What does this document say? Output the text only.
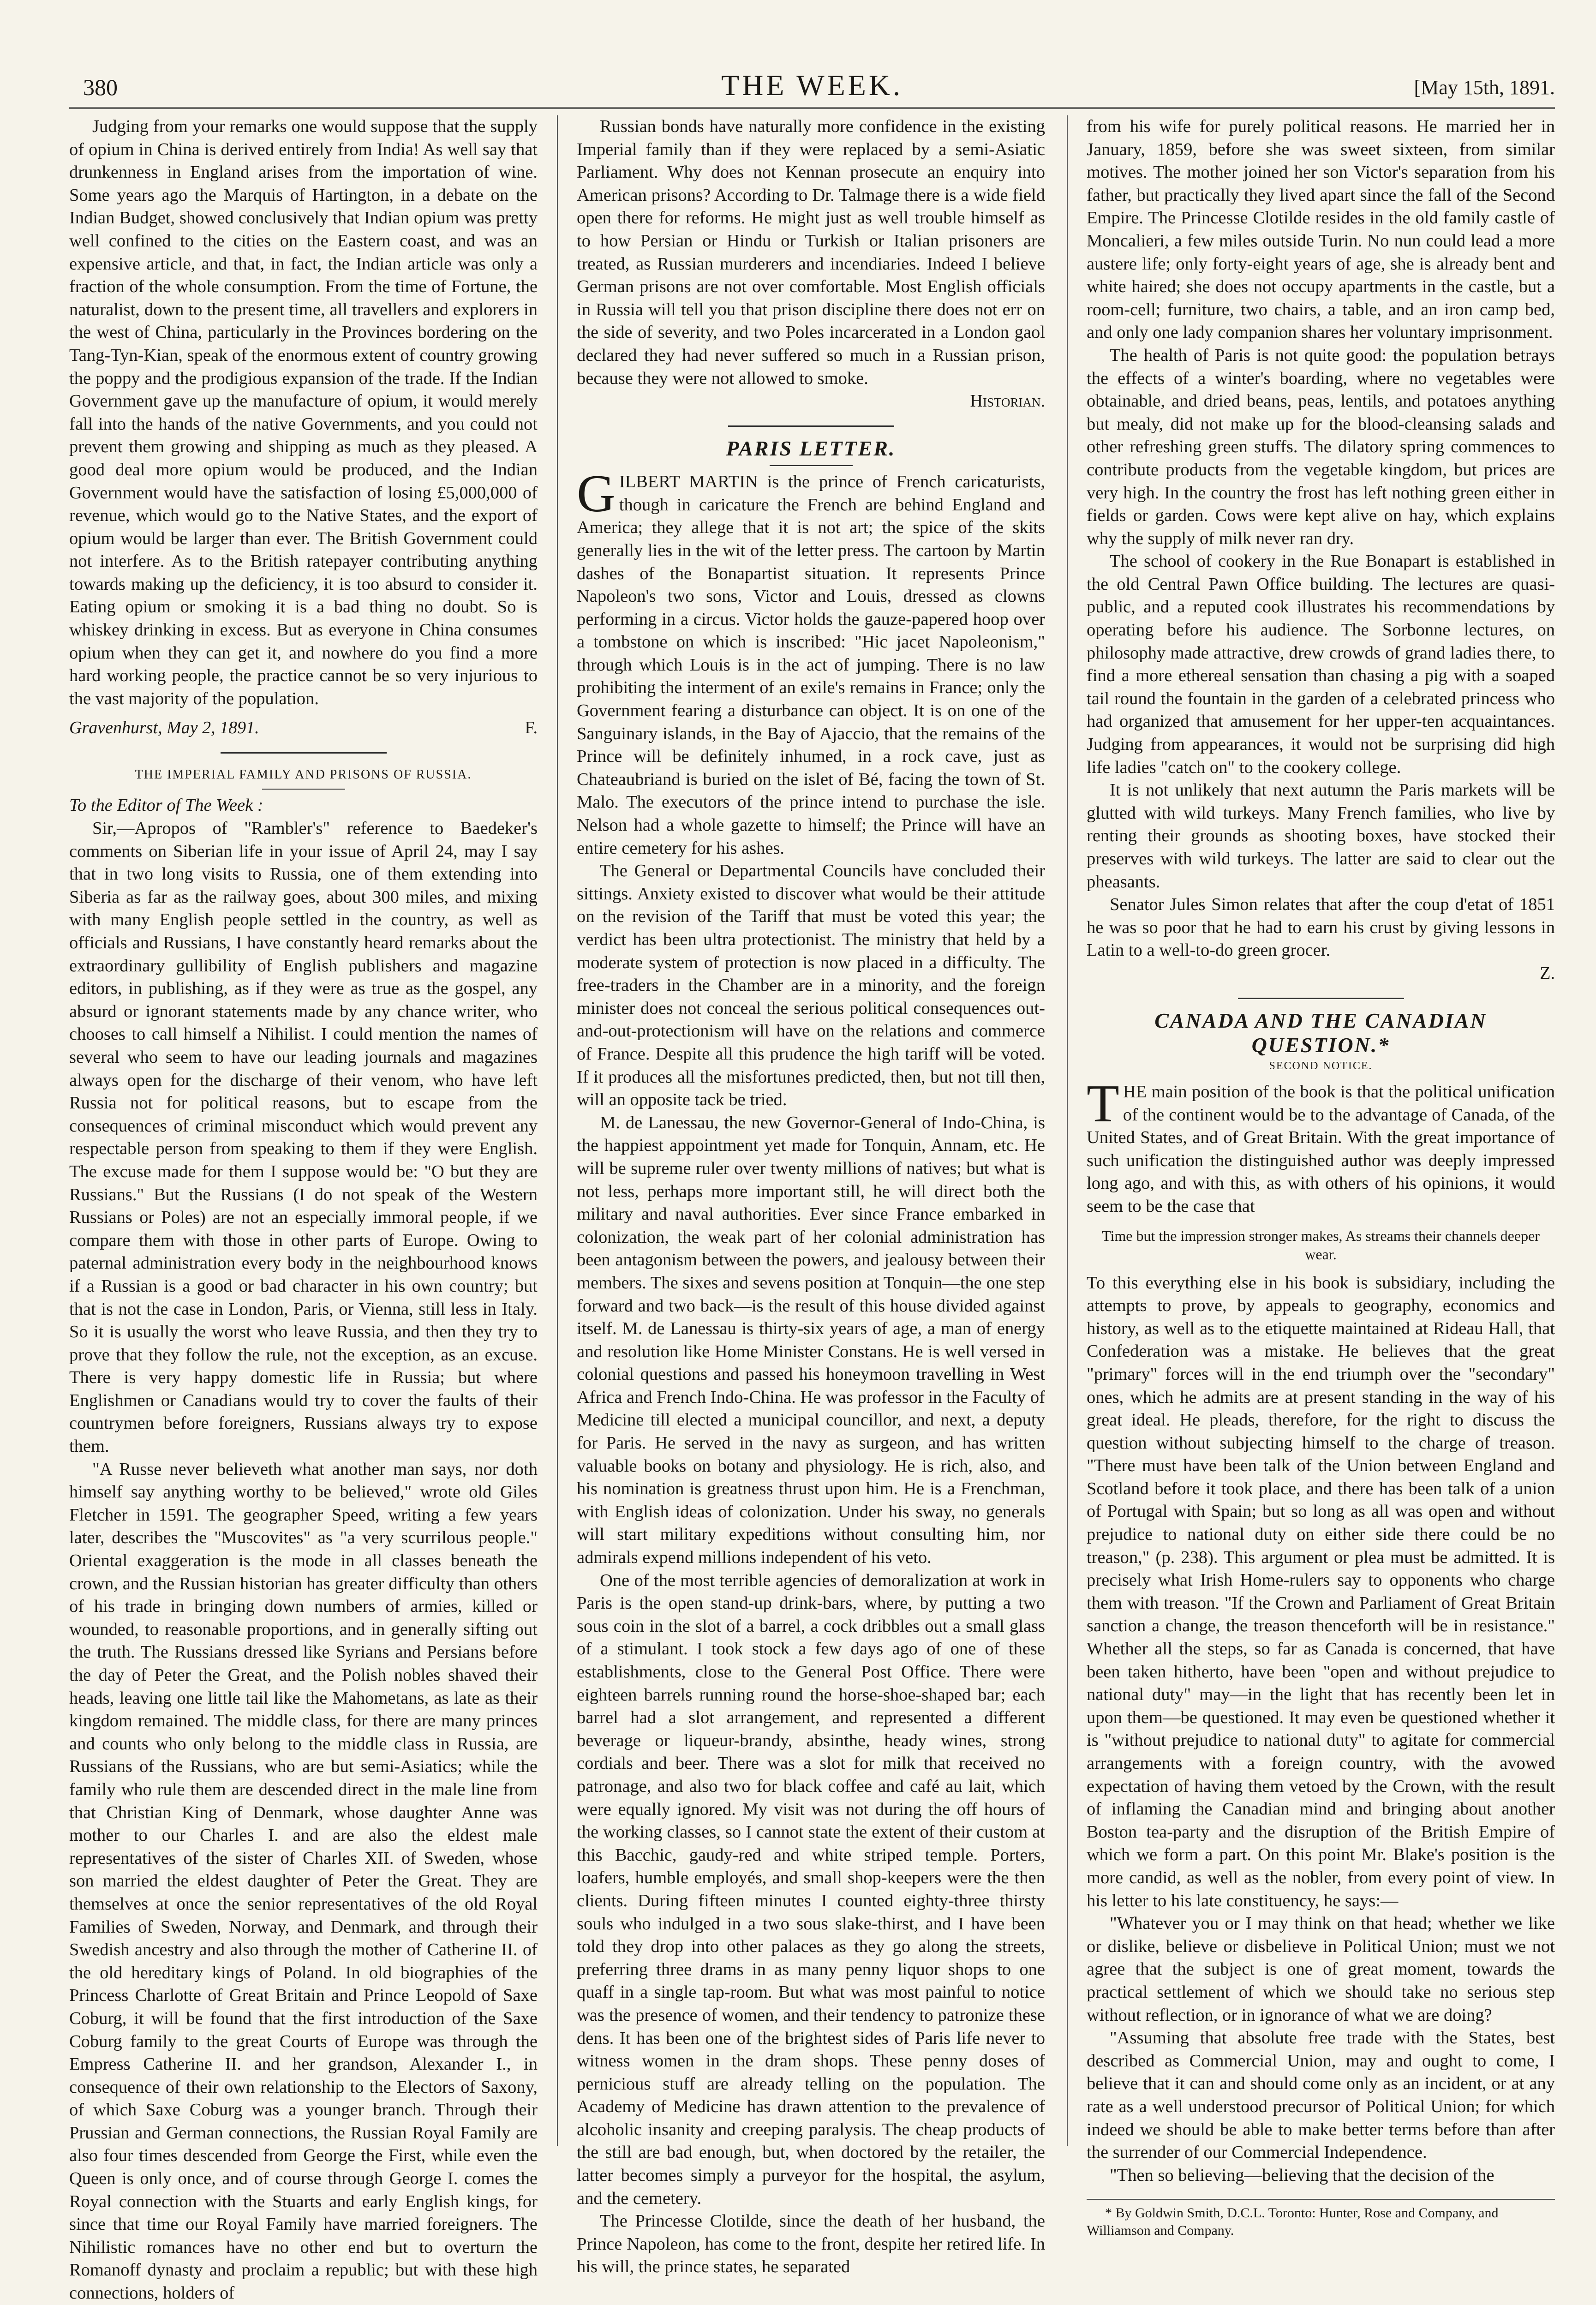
380	THE WEEK.	[May 15th, 1891.

Judging from your remarks one would suppose that the supply of opium in China is derived entirely from India! As well say that drunkenness in England arises from the importation of wine. Some years ago the Marquis of Hartington, in a debate on the Indian Budget, showed conclusively that Indian opium was pretty well confined to the cities on the Eastern coast, and was an expensive article, and that, in fact, the Indian article was only a fraction of the whole consumption. From the time of Fortune, the naturalist, down to the present time, all travellers and explorers in the west of China, particularly in the Provinces bordering on the Tang-Tyn-Kian, speak of the enormous extent of country growing the poppy and the prodigious expansion of the trade. If the Indian Government gave up the manufacture of opium, it would merely fall into the hands of the native Governments, and you could not prevent them growing and shipping as much as they pleased. A good deal more opium would be produced, and the Indian Government would have the satisfaction of losing £5,000,000 of revenue, which would go to the Native States, and the export of opium would be larger than ever. The British Government could not interfere. As to the British ratepayer contributing anything towards making up the deficiency, it is too absurd to consider it. Eating opium or smoking it is a bad thing no doubt. So is whiskey drinking in excess. But as everyone in China consumes opium when they can get it, and nowhere do you find a more hard working people, the practice cannot be so very injurious to the vast majority of the population.

Gravenhurst, May 2, 1891.	F.
THE IMPERIAL FAMILY AND PRISONS OF RUSSIA.

To the Editor of The Week :

Sir,—Apropos of "Rambler's" reference to Baedeker's comments on Siberian life in your issue of April 24, may I say that in two long visits to Russia, one of them extending into Siberia as far as the railway goes, about 300 miles, and mixing with many English people settled in the country, as well as officials and Russians, I have constantly heard remarks about the extraordinary gullibility of English publishers and magazine editors, in publishing, as if they were as true as the gospel, any absurd or ignorant statements made by any chance writer, who chooses to call himself a Nihilist. I could mention the names of several who seem to have our leading journals and magazines always open for the discharge of their venom, who have left Russia not for political reasons, but to escape from the consequences of criminal misconduct which would prevent any respectable person from speaking to them if they were English. The excuse made for them I suppose would be: "O but they are Russians." But the Russians (I do not speak of the Western Russians or Poles) are not an especially immoral people, if we compare them with those in other parts of Europe. Owing to paternal administration every body in the neighbourhood knows if a Russian is a good or bad character in his own country; but that is not the case in London, Paris, or Vienna, still less in Italy. So it is usually the worst who leave Russia, and then they try to prove that they follow the rule, not the exception, as an excuse. There is very happy domestic life in Russia; but where Englishmen or Canadians would try to cover the faults of their countrymen before foreigners, Russians always try to expose them.

"A Russe never believeth what another man says, nor doth himself say anything worthy to be believed," wrote old Giles Fletcher in 1591. The geographer Speed, writing a few years later, describes the "Muscovites" as "a very scurrilous people." Oriental exaggeration is the mode in all classes beneath the crown, and the Russian historian has greater difficulty than others of his trade in bringing down numbers of armies, killed or wounded, to reasonable proportions, and in generally sifting out the truth. The Russians dressed like Syrians and Persians before the day of Peter the Great, and the Polish nobles shaved their heads, leaving one little tail like the Mahometans, as late as their kingdom remained. The middle class, for there are many princes and counts who only belong to the middle class in Russia, are Russians of the Russians, who are but semi-Asiatics; while the family who rule them are descended direct in the male line from that Christian King of Denmark, whose daughter Anne was mother to our Charles I. and are also the eldest male representatives of the sister of Charles XII. of Sweden, whose son married the eldest daughter of Peter the Great. They are themselves at once the senior representatives of the old Royal Families of Sweden, Norway, and Denmark, and through their Swedish ancestry and also through the mother of Catherine II. of the old hereditary kings of Poland. In old biographies of the Princess Charlotte of Great Britain and Prince Leopold of Saxe Coburg, it will be found that the first introduction of the Saxe Coburg family to the great Courts of Europe was through the Empress Catherine II. and her grandson, Alexander I., in consequence of their own relationship to the Electors of Saxony, of which Saxe Coburg was a younger branch. Through their Prussian and German connections, the Russian Royal Family are also four times descended from George the First, while even the Queen is only once, and of course through George I. comes the Royal connection with the Stuarts and early English kings, for since that time our Royal Family have married foreigners. The Nihilistic romances have no other end but to overturn the Romanoff dynasty and proclaim a republic; but with these high connections, holders of

Russian bonds have naturally more confidence in the existing Imperial family than if they were replaced by a semi-Asiatic Parliament. Why does not Kennan prosecute an enquiry into American prisons? According to Dr. Talmage there is a wide field open there for reforms. He might just as well trouble himself as to how Persian or Hindu or Turkish or Italian prisoners are treated, as Russian murderers and incendiaries. Indeed I believe German prisons are not over comfortable. Most English officials in Russia will tell you that prison discipline there does not err on the side of severity, and two Poles incarcerated in a London gaol declared they had never suffered so much in a Russian prison, because they were not allowed to smoke.

Historian.
PARIS LETTER.

GILBERT MARTIN is the prince of French caricaturists, though in caricature the French are behind England and America; they allege that it is not art; the spice of the skits generally lies in the wit of the letter press. The cartoon by Martin dashes of the Bonapartist situation. It represents Prince Napoleon's two sons, Victor and Louis, dressed as clowns performing in a circus. Victor holds the gauze-papered hoop over a tombstone on which is inscribed: "Hic jacet Napoleonism," through which Louis is in the act of jumping. There is no law prohibiting the interment of an exile's remains in France; only the Government fearing a disturbance can object. It is on one of the Sanguinary islands, in the Bay of Ajaccio, that the remains of the Prince will be definitely inhumed, in a rock cave, just as Chateaubriand is buried on the islet of Bé, facing the town of St. Malo. The executors of the prince intend to purchase the isle. Nelson had a whole gazette to himself; the Prince will have an entire cemetery for his ashes.

The General or Departmental Councils have concluded their sittings. Anxiety existed to discover what would be their attitude on the revision of the Tariff that must be voted this year; the verdict has been ultra protectionist. The ministry that held by a moderate system of protection is now placed in a difficulty. The free-traders in the Chamber are in a minority, and the foreign minister does not conceal the serious political consequences out-and-out-protectionism will have on the relations and commerce of France. Despite all this prudence the high tariff will be voted. If it produces all the misfortunes predicted, then, but not till then, will an opposite tack be tried.

M. de Lanessau, the new Governor-General of Indo-China, is the happiest appointment yet made for Tonquin, Annam, etc. He will be supreme ruler over twenty millions of natives; but what is not less, perhaps more important still, he will direct both the military and naval authorities. Ever since France embarked in colonization, the weak part of her colonial administration has been antagonism between the powers, and jealousy between their members. The sixes and sevens position at Tonquin—the one step forward and two back—is the result of this house divided against itself. M. de Lanessau is thirty-six years of age, a man of energy and resolution like Home Minister Constans. He is well versed in colonial questions and passed his honeymoon travelling in West Africa and French Indo-China. He was professor in the Faculty of Medicine till elected a municipal councillor, and next, a deputy for Paris. He served in the navy as surgeon, and has written valuable books on botany and physiology. He is rich, also, and his nomination is greatness thrust upon him. He is a Frenchman, with English ideas of colonization. Under his sway, no generals will start military expeditions without consulting him, nor admirals expend millions independent of his veto.

One of the most terrible agencies of demoralization at work in Paris is the open stand-up drink-bars, where, by putting a two sous coin in the slot of a barrel, a cock dribbles out a small glass of a stimulant. I took stock a few days ago of one of these establishments, close to the General Post Office. There were eighteen barrels running round the horse-shoe-shaped bar; each barrel had a slot arrangement, and represented a different beverage or liqueur-brandy, absinthe, heady wines, strong cordials and beer. There was a slot for milk that received no patronage, and also two for black coffee and café au lait, which were equally ignored. My visit was not during the off hours of the working classes, so I cannot state the extent of their custom at this Bacchic, gaudy-red and white striped temple. Porters, loafers, humble employés, and small shop-keepers were the then clients. During fifteen minutes I counted eighty-three thirsty souls who indulged in a two sous slake-thirst, and I have been told they drop into other palaces as they go along the streets, preferring three drams in as many penny liquor shops to one quaff in a single tap-room. But what was most painful to notice was the presence of women, and their tendency to patronize these dens. It has been one of the brightest sides of Paris life never to witness women in the dram shops. These penny doses of pernicious stuff are already telling on the population. The Academy of Medicine has drawn attention to the prevalence of alcoholic insanity and creeping paralysis. The cheap products of the still are bad enough, but, when doctored by the retailer, the latter becomes simply a purveyor for the hospital, the asylum, and the cemetery.

The Princesse Clotilde, since the death of her husband, the Prince Napoleon, has come to the front, despite her retired life. In his will, the prince states, he separated

from his wife for purely political reasons. He married her in January, 1859, before she was sweet sixteen, from similar motives. The mother joined her son Victor's separation from his father, but practically they lived apart since the fall of the Second Empire. The Princesse Clotilde resides in the old family castle of Moncalieri, a few miles outside Turin. No nun could lead a more austere life; only forty-eight years of age, she is already bent and white haired; she does not occupy apartments in the castle, but a room-cell; furniture, two chairs, a table, and an iron camp bed, and only one lady companion shares her voluntary imprisonment.

The health of Paris is not quite good: the population betrays the effects of a winter's boarding, where no vegetables were obtainable, and dried beans, peas, lentils, and potatoes anything but mealy, did not make up for the blood-cleansing salads and other refreshing green stuffs. The dilatory spring commences to contribute products from the vegetable kingdom, but prices are very high. In the country the frost has left nothing green either in fields or garden. Cows were kept alive on hay, which explains why the supply of milk never ran dry.

The school of cookery in the Rue Bonapart is established in the old Central Pawn Office building. The lectures are quasi-public, and a reputed cook illustrates his recommendations by operating before his audience. The Sorbonne lectures, on philosophy made attractive, drew crowds of grand ladies there, to find a more ethereal sensation than chasing a pig with a soaped tail round the fountain in the garden of a celebrated princess who had organized that amusement for her upper-ten acquaintances. Judging from appearances, it would not be surprising did high life ladies "catch on" to the cookery college.

It is not unlikely that next autumn the Paris markets will be glutted with wild turkeys. Many French families, who live by renting their grounds as shooting boxes, have stocked their preserves with wild turkeys. The latter are said to clear out the pheasants.

Senator Jules Simon relates that after the coup d'etat of 1851 he was so poor that he had to earn his crust by giving lessons in Latin to a well-to-do green grocer.

Z.
CANADA AND THE CANADIAN QUESTION.*
SECOND NOTICE.

THE main position of the book is that the political unification of the continent would be to the advantage of Canada, of the United States, and of Great Britain. With the great importance of such unification the distinguished author was deeply impressed long ago, and with this, as with others of his opinions, it would seem to be the case that

Time but the impression stronger makes, As streams their channels deeper wear.

To this everything else in his book is subsidiary, including the attempts to prove, by appeals to geography, economics and history, as well as to the etiquette maintained at Rideau Hall, that Confederation was a mistake. He believes that the great "primary" forces will in the end triumph over the "secondary" ones, which he admits are at present standing in the way of his great ideal. He pleads, therefore, for the right to discuss the question without subjecting himself to the charge of treason. "There must have been talk of the Union between England and Scotland before it took place, and there has been talk of a union of Portugal with Spain; but so long as all was open and without prejudice to national duty on either side there could be no treason," (p. 238). This argument or plea must be admitted. It is precisely what Irish Home-rulers say to opponents who charge them with treason. "If the Crown and Parliament of Great Britain sanction a change, the treason thenceforth will be in resistance." Whether all the steps, so far as Canada is concerned, that have been taken hitherto, have been "open and without prejudice to national duty" may—in the light that has recently been let in upon them—be questioned. It may even be questioned whether it is "without prejudice to national duty" to agitate for commercial arrangements with a foreign country, with the avowed expectation of having them vetoed by the Crown, with the result of inflaming the Canadian mind and bringing about another Boston tea-party and the disruption of the British Empire of which we form a part. On this point Mr. Blake's position is the more candid, as well as the nobler, from every point of view. In his letter to his late constituency, he says:—

"Whatever you or I may think on that head; whether we like or dislike, believe or disbelieve in Political Union; must we not agree that the subject is one of great moment, towards the practical settlement of which we should take no serious step without reflection, or in ignorance of what we are doing?

"Assuming that absolute free trade with the States, best described as Commercial Union, may and ought to come, I believe that it can and should come only as an incident, or at any rate as a well understood precursor of Political Union; for which indeed we should be able to make better terms before than after the surrender of our Commercial Independence.

"Then so believing—believing that the decision of the

* By Goldwin Smith, D.C.L. Toronto: Hunter, Rose and Company, and Williamson and Company.
